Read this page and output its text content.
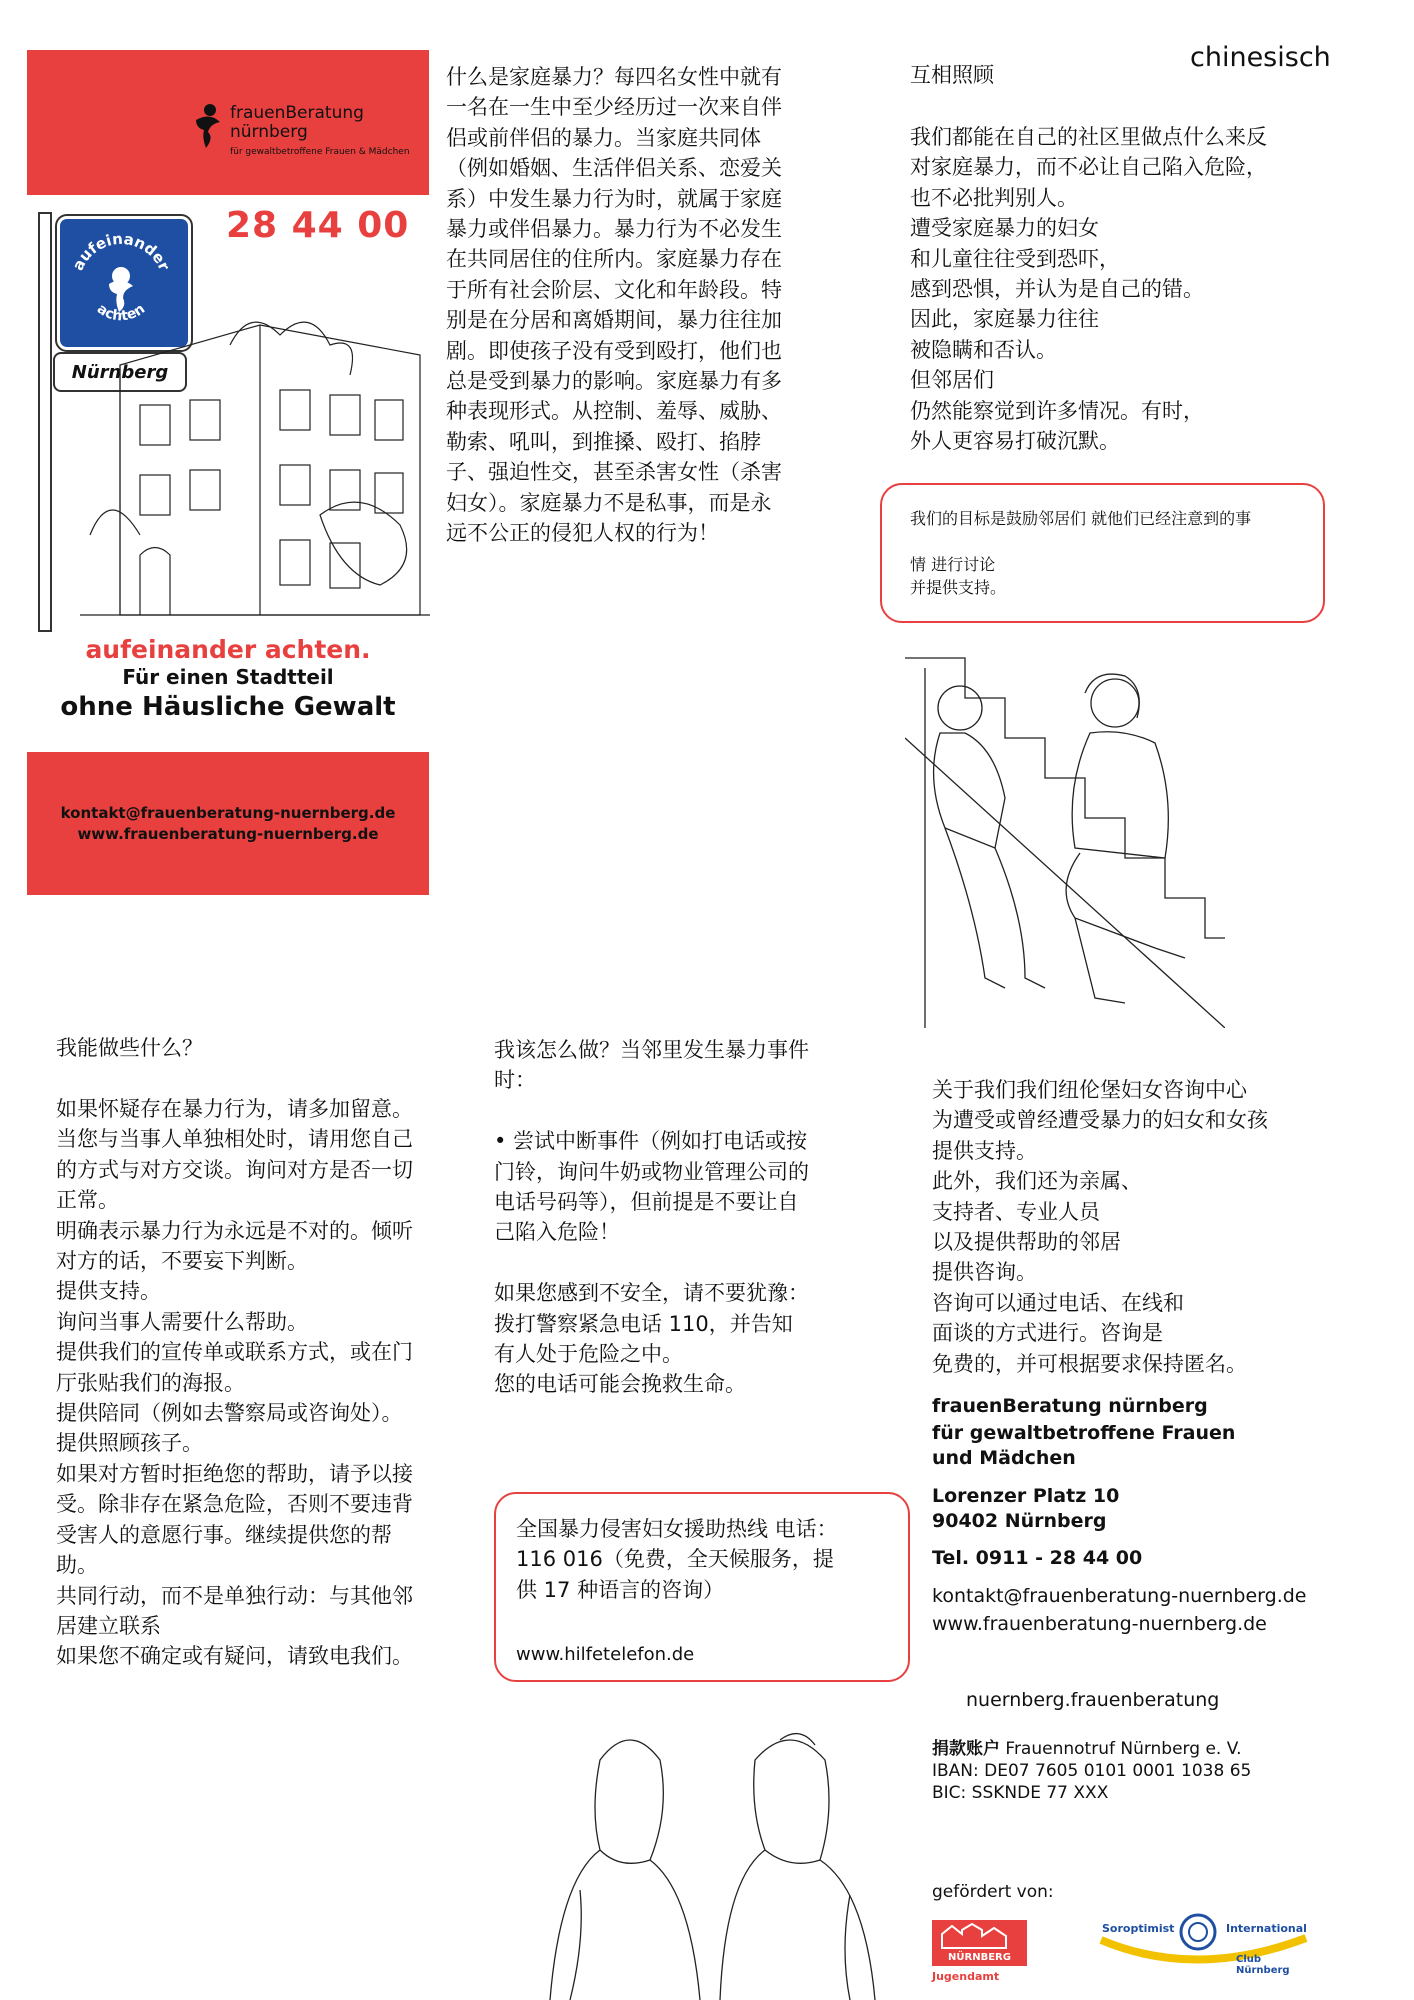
chinesisch
frauenBeratung
nürnberg
für gewaltbetroffene Frauen & Mädchen
28 44 00
aufeinander
achten
Nürnberg
aufeinander achten.
Für einen Stadtteil
ohne Häusliche Gewalt
kontakt@frauenberatung-nuernberg.de
www.frauenberatung-nuernberg.de
什么是家庭暴力？每四名女性中就有
一名在一生中至少经历过一次来自伴
侣或前伴侣的暴力。当家庭共同体
（例如婚姻、生活伴侣关系、恋爱关
系）中发生暴力行为时，就属于家庭
暴力或伴侣暴力。暴力行为不必发生
在共同居住的住所内。家庭暴力存在
于所有社会阶层、文化和年龄段。特
别是在分居和离婚期间，暴力往往加
剧。即使孩子没有受到殴打，他们也
总是受到暴力的影响。家庭暴力有多
种表现形式。从控制、羞辱、威胁、
勒索、吼叫，到推搡、殴打、掐脖
子、强迫性交，甚至杀害女性（杀害
妇女）。家庭暴力不是私事，而是永
远不公正的侵犯人权的行为！
互相照顾
我们都能在自己的社区里做点什么来反
对家庭暴力，而不必让自己陷入危险，
也不必批判别人。
遭受家庭暴力的妇女
和儿童往往受到恐吓，
感到恐惧，并认为是自己的错。
因此，家庭暴力往往
被隐瞒和否认。
但邻居们
仍然能察觉到许多情况。有时，
外人更容易打破沉默。
我们的目标是鼓励邻居们 就他们已经注意到的事

情 进行讨论
并提供支持。
我能做些什么？
如果怀疑存在暴力行为，请多加留意。
当您与当事人单独相处时，请用您自己
的方式与对方交谈。询问对方是否一切
正常。
明确表示暴力行为永远是不对的。倾听
对方的话，不要妄下判断。
提供支持。
询问当事人需要什么帮助。
提供我们的宣传单或联系方式，或在门
厅张贴我们的海报。
提供陪同（例如去警察局或咨询处）。
提供照顾孩子。
如果对方暂时拒绝您的帮助，请予以接
受。除非存在紧急危险，否则不要违背
受害人的意愿行事。继续提供您的帮
助。
共同行动，而不是单独行动：与其他邻
居建立联系
如果您不确定或有疑问，请致电我们。
我该怎么做？当邻里发生暴力事件
时：

• 尝试中断事件（例如打电话或按
门铃，询问牛奶或物业管理公司的
电话号码等），但前提是不要让自
己陷入危险！

如果您感到不安全，请不要犹豫：
拨打警察紧急电话 110，并告知
有人处于危险之中。
您的电话可能会挽救生命。
全国暴力侵害妇女援助热线 电话：
116 016（免费，全天候服务，提
供 17 种语言的咨询）
www.hilfetelefon.de
关于我们我们纽伦堡妇女咨询中心
为遭受或曾经遭受暴力的妇女和女孩
提供支持。
此外，我们还为亲属、
支持者、专业人员
以及提供帮助的邻居
提供咨询。
咨询可以通过电话、在线和
面谈的方式进行。咨询是
免费的，并可根据要求保持匿名。
frauenBeratung nürnberg
für gewaltbetroffene Frauen
und Mädchen
Lorenzer Platz 10
90402 Nürnberg
Tel. 0911 - 28 44 00
kontakt@frauenberatung-nuernberg.de
www.frauenberatung-nuernberg.de
nuernberg.frauenberatung
捐款账户 Frauennotruf Nürnberg e. V.
IBAN: DE07 7605 0101 0001 1038 65
BIC: SSKNDE 77 XXX
gefördert von:
NÜRNBERG
Jugendamt
Soroptimist	International
Club Nürnberg
